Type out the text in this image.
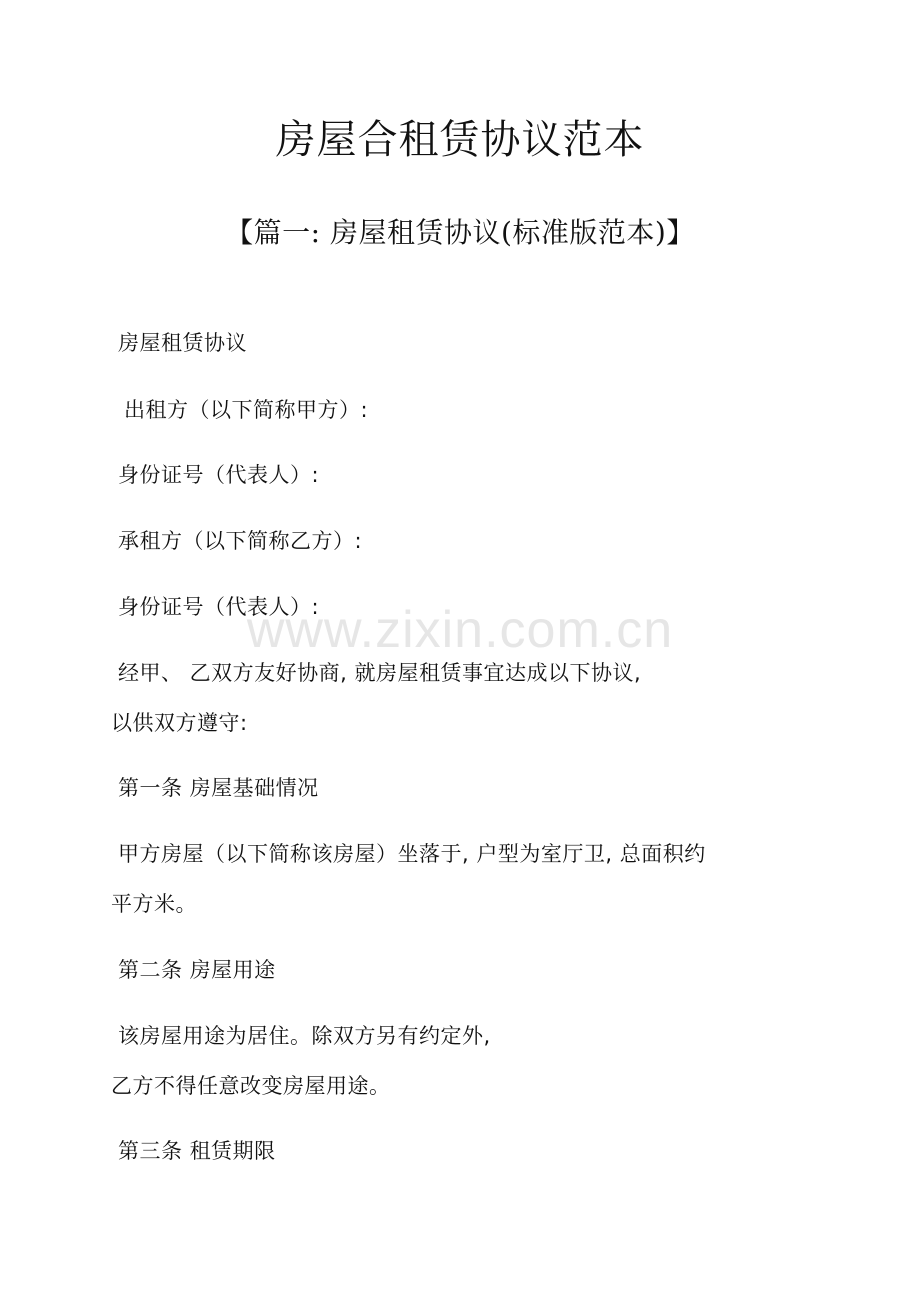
房屋合租赁协议范本
【篇一: 房屋租赁协议(标准版范本)】
房屋租赁协议
出租方（以下简称甲方）:
身份证号（代表人）:
承租方（以下简称乙方）:
身份证号（代表人）:
经甲、 乙双方友好协商, 就房屋租赁事宜达成以下协议,
以供双方遵守:
第一条 房屋基础情况
甲方房屋（以下简称该房屋）坐落于, 户型为室厅卫, 总面积约
平方米。
第二条 房屋用途
该房屋用途为居住。除双方另有约定外,
乙方不得任意改变房屋用途。
第三条 租赁期限
www.zixin.com.cn
